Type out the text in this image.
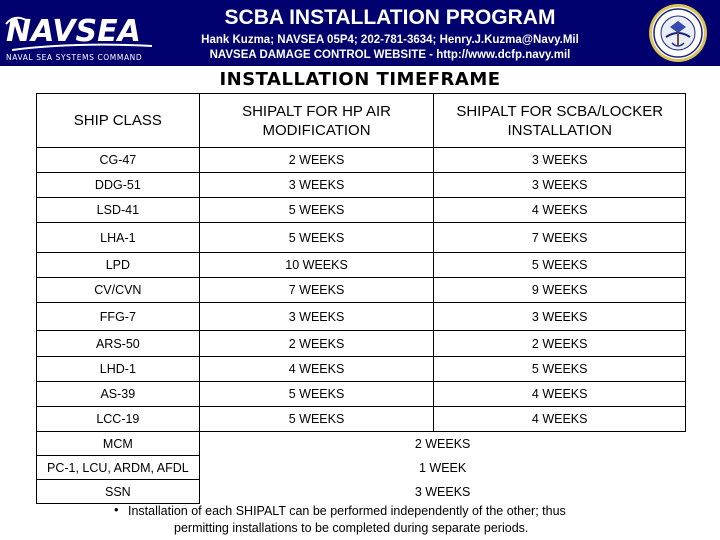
NAVSEA
NAVAL SEA SYSTEMS COMMAND
SCBA INSTALLATION PROGRAM
Hank Kuzma; NAVSEA 05P4; 202-781-3634; Henry.J.Kuzma@Navy.Mil
NAVSEA DAMAGE CONTROL WEBSITE - http://www.dcfp.navy.mil
INSTALLATION TIMEFRAME
SHIP CLASS	SHIPALT FOR HP AIR MODIFICATION	SHIPALT FOR SCBA/LOCKER INSTALLATION
CG-47	2 WEEKS	3 WEEKS
DDG-51	3 WEEKS	3 WEEKS
LSD-41	5 WEEKS	4 WEEKS
LHA-1	5 WEEKS	7 WEEKS
LPD	10 WEEKS	5 WEEKS
CV/CVN	7 WEEKS	9 WEEKS
FFG-7	3 WEEKS	3 WEEKS
ARS-50	2 WEEKS	2 WEEKS
LHD-1	4 WEEKS	5 WEEKS
AS-39	5 WEEKS	4 WEEKS
LCC-19	5 WEEKS	4 WEEKS
MCM	2 WEEKS	
PC-1, LCU, ARDM, AFDL	1 WEEK	
SSN	3 WEEKS	
• Installation of each SHIPALT can be performed independently of the other; thus
permitting installations to be completed during separate periods.
